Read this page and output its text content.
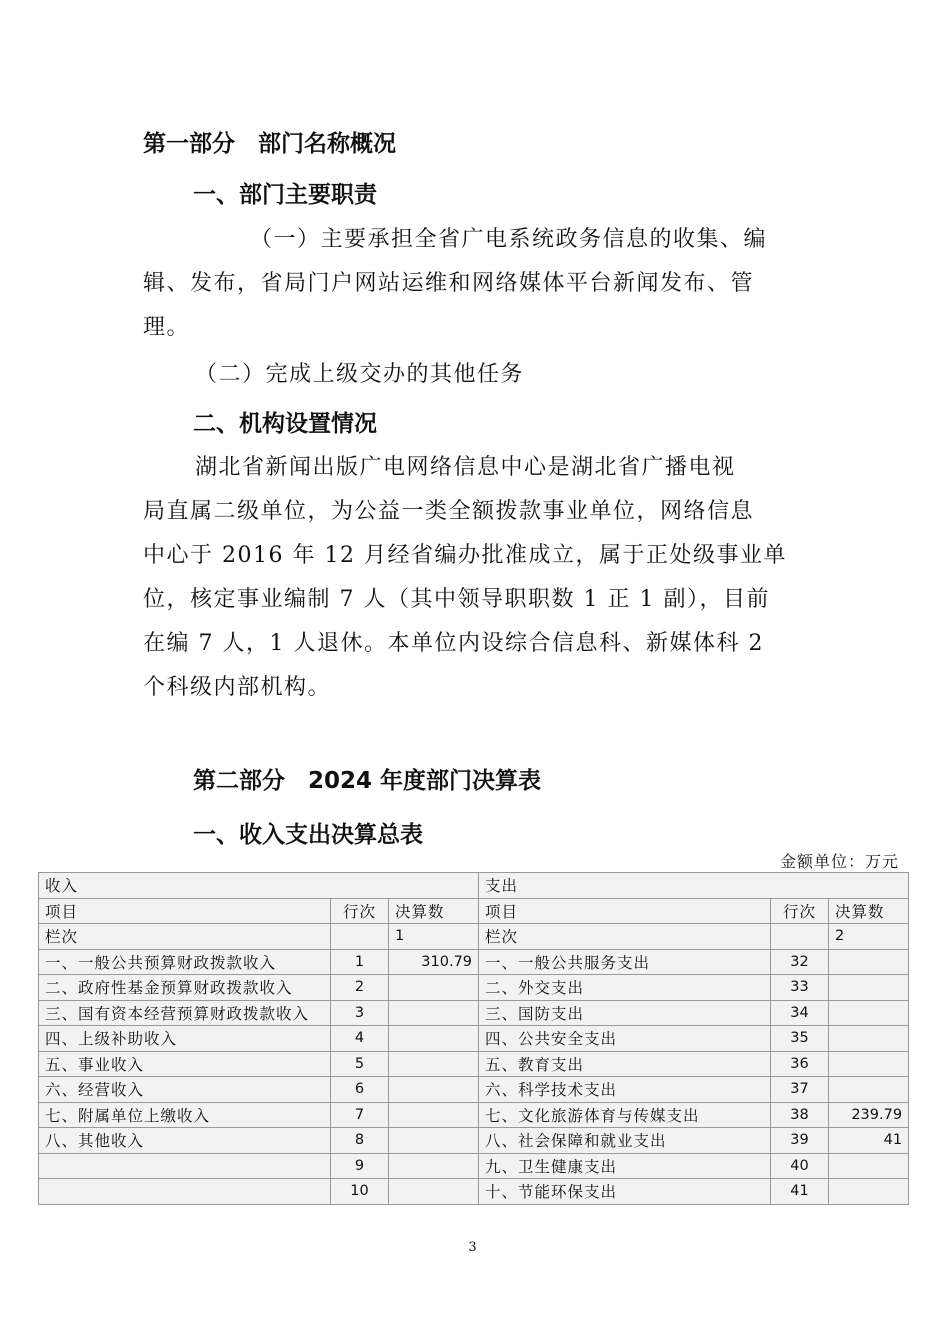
第一部分　部门名称概况
一、部门主要职责
（一）主要承担全省广电系统政务信息的收集、编
辑、发布，省局门户网站运维和网络媒体平台新闻发布、管
理。
（二）完成上级交办的其他任务
二、机构设置情况
湖北省新闻出版广电网络信息中心是湖北省广播电视
局直属二级单位，为公益一类全额拨款事业单位，网络信息
中心于 2016 年 12 月经省编办批准成立，属于正处级事业单
位，核定事业编制 7 人（其中领导职职数 1 正 1 副），目前
在编 7 人，1 人退休。本单位内设综合信息科、新媒体科 2
个科级内部机构。
第二部分　2024 年度部门决算表
一、收入支出决算总表
金额单位：万元
收入			支出		
项目	行次	决算数	项目	行次	决算数
栏次		1	栏次		2
一、一般公共预算财政拨款收入	1	310.79	一、一般公共服务支出	32	
二、政府性基金预算财政拨款收入	2		二、外交支出	33	
三、国有资本经营预算财政拨款收入	3		三、国防支出	34	
四、上级补助收入	4		四、公共安全支出	35	
五、事业收入	5		五、教育支出	36	
六、经营收入	6		六、科学技术支出	37	
七、附属单位上缴收入	7		七、文化旅游体育与传媒支出	38	239.79
八、其他收入	8		八、社会保障和就业支出	39	41
	9		九、卫生健康支出	40	
	10		十、节能环保支出	41	
3
